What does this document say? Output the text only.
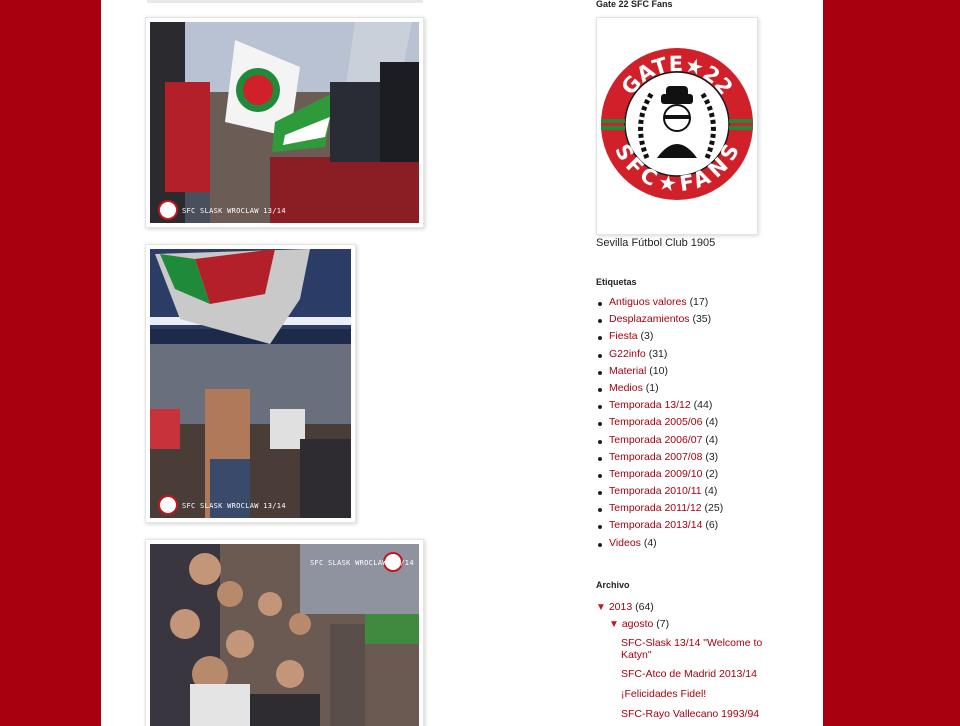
SFC SLASK WROCLAW 13/14
SFC SLASK WROCLAW 13/14
SFC SLASK WROCLAW 13/14
Gate 22 SFC Fans
GATE★22
SFC★FANS
Sevilla Fútbol Club 1905
Etiquetas
Antiguos valores (17)
Desplazamientos (35)
Fiesta (3)
G22info (31)
Material (10)
Medios (1)
Temporada 13/12 (44)
Temporada 2005/06 (4)
Temporada 2006/07 (4)
Temporada 2007/08 (3)
Temporada 2009/10 (2)
Temporada 2010/11 (4)
Temporada 2011/12 (25)
Temporada 2013/14 (6)
Videos (4)
Archivo
▼ 2013 (64)
▼ agosto (7)
SFC-Slask 13/14 "Welcome to Katyn"
SFC-Atco de Madrid 2013/14
¡Felicidades Fidel!
SFC-Rayo Vallecano 1993/94
